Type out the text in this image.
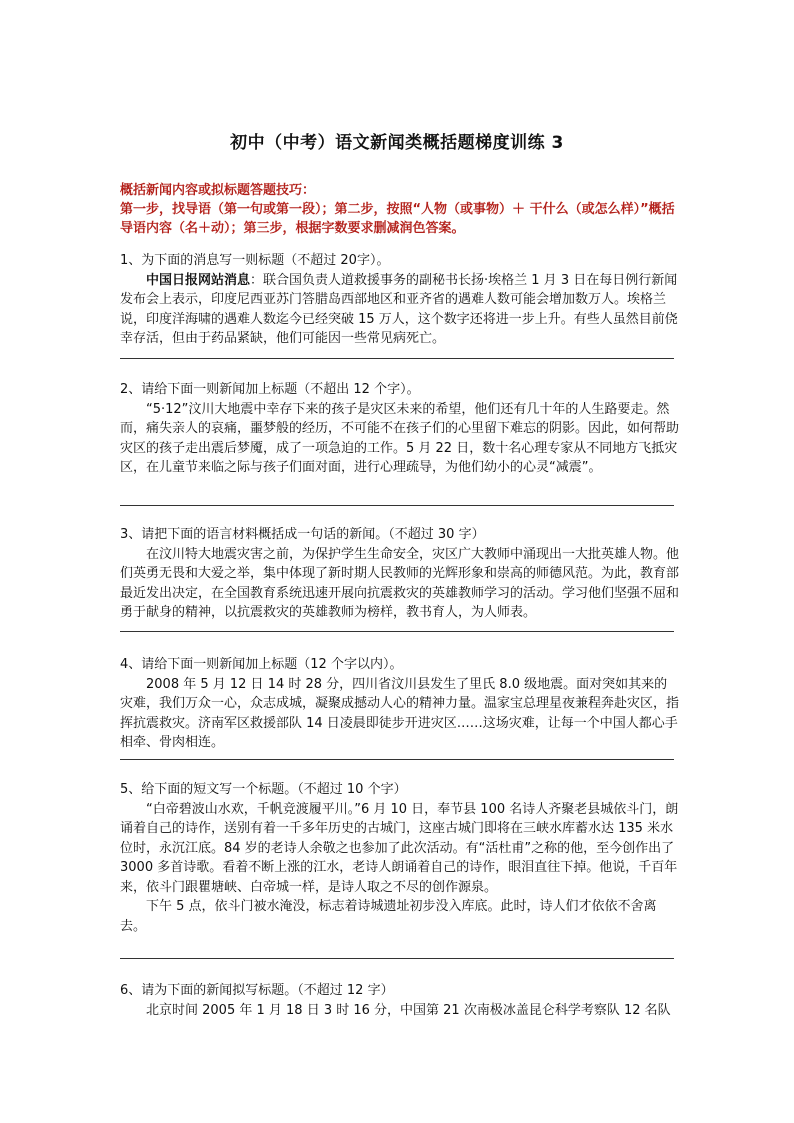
初中（中考）语文新闻类概括题梯度训练 3
概括新闻内容或拟标题答题技巧：
第一步，找导语（第一句或第一段）；第二步，按照“人物（或事物）＋ 干什么（或怎么样）”概括导语内容（名＋动）；第三步，根据字数要求删减润色答案。

1、为下面的消息写一则标题（不超过 20字）。

中国日报网站消息：联合国负责人道救援事务的副秘书长扬·埃格兰 1 月 3 日在每日例行新闻发布会上表示，印度尼西亚苏门答腊岛西部地区和亚齐省的遇难人数可能会增加数万人。埃格兰说，印度洋海啸的遇难人数迄今已经突破 15 万人，这个数字还将进一步上升。有些人虽然目前侥幸存活，但由于药品紧缺，他们可能因一些常见病死亡。

2、请给下面一则新闻加上标题（不超出 12 个字）。

“5·12”汶川大地震中幸存下来的孩子是灾区未来的希望，他们还有几十年的人生路要走。然而，痛失亲人的哀痛，噩梦般的经历，不可能不在孩子们的心里留下难忘的阴影。因此，如何帮助灾区的孩子走出震后梦魇，成了一项急迫的工作。5 月 22 日，数十名心理专家从不同地方飞抵灾区，在儿童节来临之际与孩子们面对面，进行心理疏导，为他们幼小的心灵“减震”。

3、请把下面的语言材料概括成一句话的新闻。（不超过 30 字）

在汶川特大地震灾害之前，为保护学生生命安全，灾区广大教师中涌现出一大批英雄人物。他们英勇无畏和大爱之举，集中体现了新时期人民教师的光辉形象和崇高的师德风范。为此，教育部最近发出决定，在全国教育系统迅速开展向抗震救灾的英雄教师学习的活动。学习他们坚强不屈和勇于献身的精神，以抗震救灾的英雄教师为榜样，教书育人，为人师表。

4、请给下面一则新闻加上标题（12 个字以内）。

2008 年 5 月 12 日 14 时 28 分，四川省汶川县发生了里氏 8.0 级地震。面对突如其来的灾难，我们万众一心，众志成城，凝聚成撼动人心的精神力量。温家宝总理星夜兼程奔赴灾区，指挥抗震救灾。济南军区救援部队 14 日凌晨即徒步开进灾区……这场灾难，让每一个中国人都心手相牵、骨肉相连。

5、给下面的短文写一个标题。（不超过 10 个字）

“白帝碧波山水欢，千帆竞渡履平川。”6 月 10 日，奉节县 100 名诗人齐聚老县城依斗门，朗诵着自己的诗作，送别有着一千多年历史的古城门，这座古城门即将在三峡水库蓄水达 135 米水位时，永沉江底。84 岁的老诗人余敬之也参加了此次活动。有“活杜甫”之称的他，至今创作出了 3000 多首诗歌。看着不断上涨的江水，老诗人朗诵着自己的诗作，眼泪直往下掉。他说，千百年来，依斗门跟瞿塘峡、白帝城一样，是诗人取之不尽的创作源泉。

下午 5 点，依斗门被水淹没，标志着诗城遗址初步没入库底。此时，诗人们才依依不舍离去。

6、请为下面的新闻拟写标题。（不超过 12 字）

北京时间 2005 年 1 月 18 日 3 时 16 分，中国第 21 次南极冰盖昆仑科学考察队 12 名队
